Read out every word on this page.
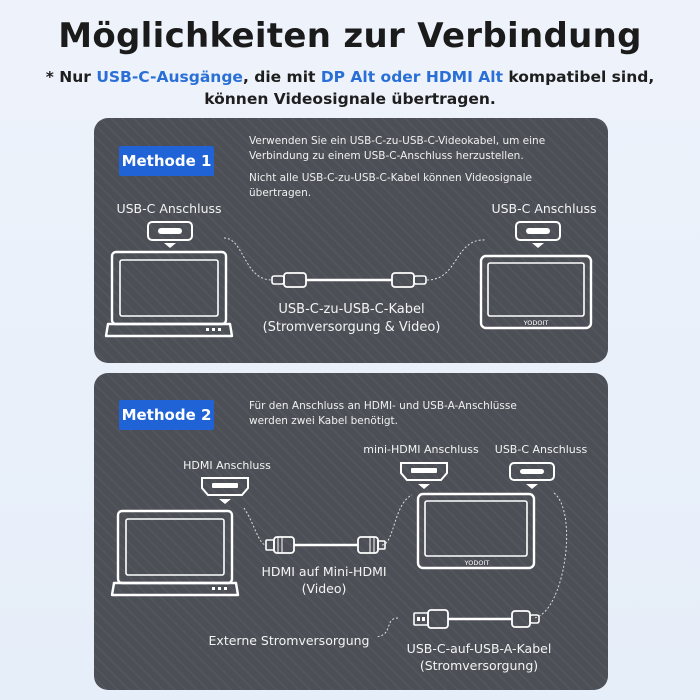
Möglichkeiten zur Verbindung
* Nur USB-C-Ausgänge, die mit DP Alt oder HDMI Alt kompatibel sind,
können Videosignale übertragen.
Methode 1
Verwenden Sie ein USB-C-zu-USB-C-Videokabel, um eine Verbindung zu einem USB-C-Anschluss herzustellen.
Nicht alle USB-C-zu-USB-C-Kabel können Videosignale übertragen.
USB-C Anschluss	USB-C Anschluss
YODOIT
USB-C-zu-USB-C-Kabel
(Stromversorgung & Video)
Methode 2	Für den Anschluss an HDMI- und USB-A-Anschlüsse werden zwei Kabel benötigt.
HDMI Anschluss
mini-HDMI Anschluss	USB-C Anschluss
YODOIT
HDMI auf Mini-HDMI
(Video)
Externe Stromversorgung
USB-C-auf-USB-A-Kabel
(Stromversorgung)
